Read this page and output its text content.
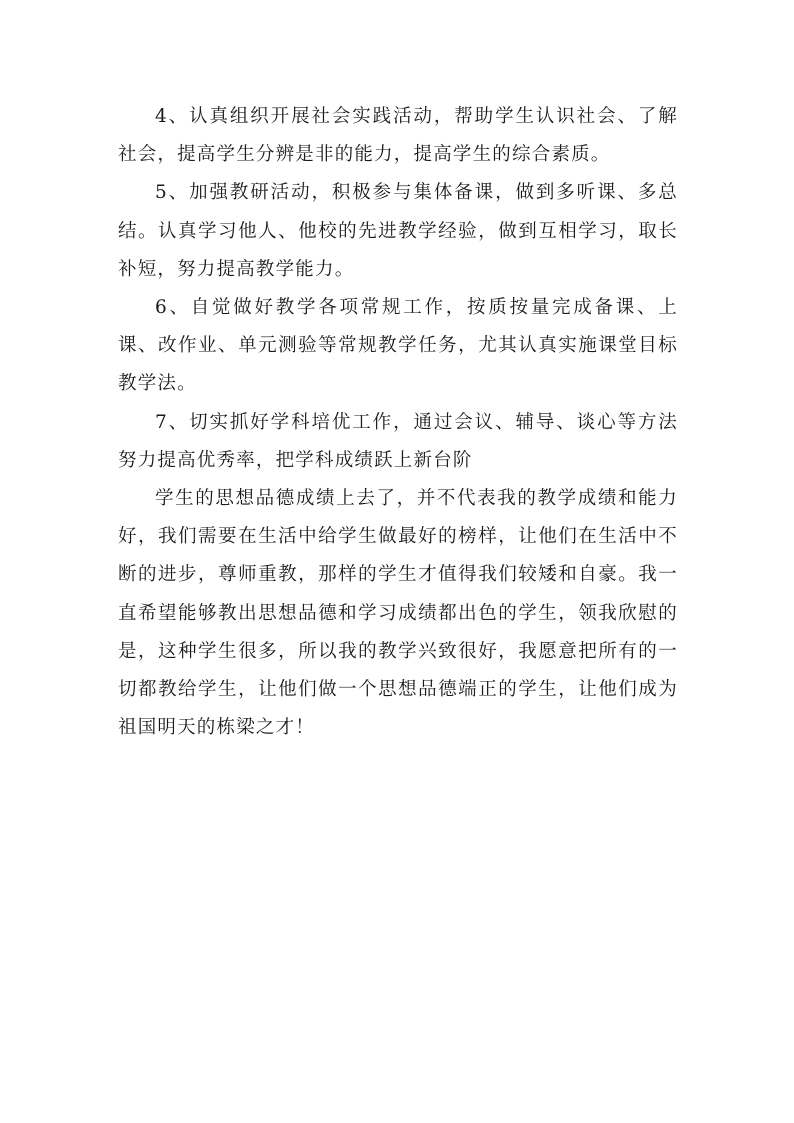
4、认真组织开展社会实践活动，帮助学生认识社会、了解社会，提高学生分辨是非的能力，提高学生的综合素质。

5、加强教研活动，积极参与集体备课，做到多听课、多总结。认真学习他人、他校的先进教学经验，做到互相学习，取长补短，努力提高教学能力。

6、自觉做好教学各项常规工作，按质按量完成备课、上课、改作业、单元测验等常规教学任务，尤其认真实施课堂目标教学法。

7、切实抓好学科培优工作，通过会议、辅导、谈心等方法努力提高优秀率，把学科成绩跃上新台阶

学生的思想品德成绩上去了，并不代表我的教学成绩和能力好，我们需要在生活中给学生做最好的榜样，让他们在生活中不断的进步，尊师重教，那样的学生才值得我们较矮和自豪。我一直希望能够教出思想品德和学习成绩都出色的学生，领我欣慰的是，这种学生很多，所以我的教学兴致很好，我愿意把所有的一切都教给学生，让他们做一个思想品德端正的学生，让他们成为祖国明天的栋梁之才！
